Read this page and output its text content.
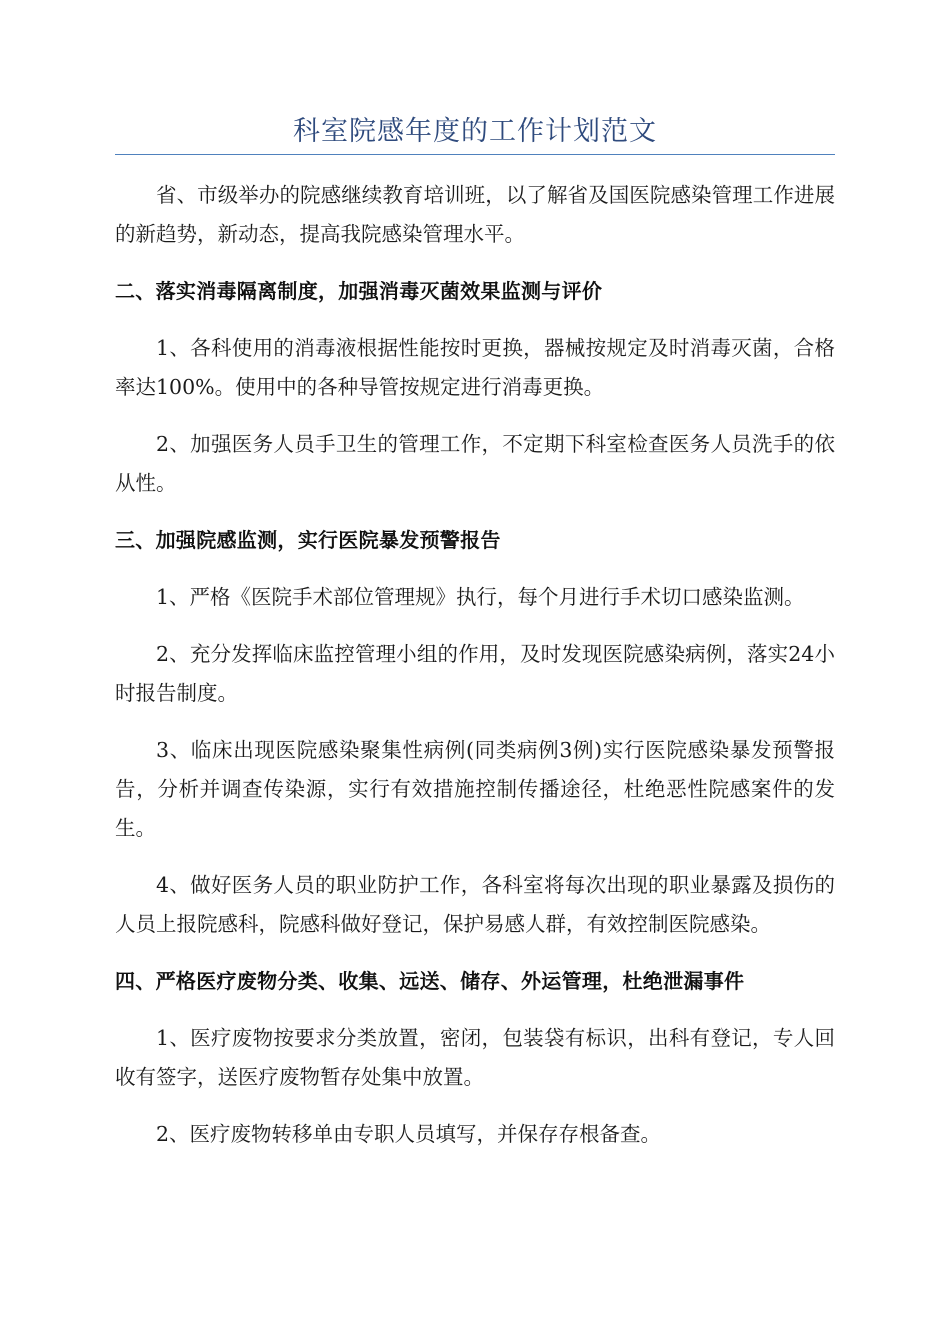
科室院感年度的工作计划范文

省、市级举办的院感继续教育培训班，以了解省及国医院感染管理工作进展的新趋势，新动态，提高我院感染管理水平。

二、落实消毒隔离制度，加强消毒灭菌效果监测与评价

1、各科使用的消毒液根据性能按时更换，器械按规定及时消毒灭菌，合格率达100%。使用中的各种导管按规定进行消毒更换。

2、加强医务人员手卫生的管理工作，不定期下科室检查医务人员洗手的依从性。

三、加强院感监测，实行医院暴发预警报告

1、严格《医院手术部位管理规》执行，每个月进行手术切口感染监测。

2、充分发挥临床监控管理小组的作用，及时发现医院感染病例，落实24小时报告制度。

3、临床出现医院感染聚集性病例(同类病例3例)实行医院感染暴发预警报告，分析并调查传染源，实行有效措施控制传播途径，杜绝恶性院感案件的发生。

4、做好医务人员的职业防护工作，各科室将每次出现的职业暴露及损伤的人员上报院感科，院感科做好登记，保护易感人群，有效控制医院感染。

四、严格医疗废物分类、收集、远送、储存、外运管理，杜绝泄漏事件

1、医疗废物按要求分类放置，密闭，包装袋有标识，出科有登记，专人回收有签字，送医疗废物暂存处集中放置。

2、医疗废物转移单由专职人员填写，并保存存根备查。
